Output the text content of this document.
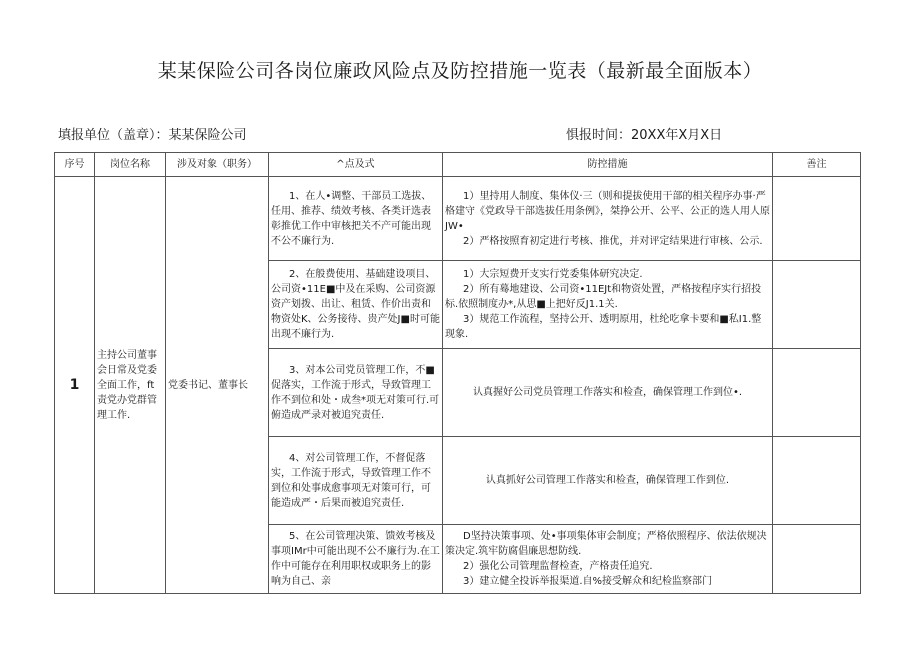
某某保险公司各岗位廉政风险点及防控措施一览表（最新最全面版本）
填报单位（盖章）：某某保险公司	惧报时间：20XX年X月X日
序号	岗位名称	涉及对象（职务）	^点及式	防控措施	善注
1	主持公司董事会日常及党委全面工作，ft责党办党群管理工作.	党委书记、董事长	1、在人•调整、干部员工选拔、任用、推荐、绩效考核、各类讦选表彰推优工作中审核把关不产可能出现不公不廉行为.	1）里持用人制度、集体仪·三（则和提拔使用干部的相关程序办事·严格建守《党政导干部选拔任用条例》，桀挣公开、公平、公正的选人用人原JW•

2）严格按照育初定进行考核、推优，并对评定结果进行审核、公示.	

			2、在般费使用、基础建设项目、公司资•11E■中及在采购、公司资源资产划拨、出让、租赁、作价出责和物资处K、公务接待、贵产处J■时可能出现不廉行为.	1）大宗短费开支实行党委集体研究决定.

2）所有蓦地建设、公司资•11EJt和物资处置，严格按程序实行招投标.依照制度办*,从思■上把好反J1.1关.

3）规范工作流程，坚持公开、透明原用，杜纶吃拿卡要和■私I1.整现象.	

			3、对本公司党员管理工作，不■促落实，工作流于形式，导致管理工作不到位和处・成叁*项无对策可行.可俯造成严录对被追究责任.	认真握好公司党员管理工作落实和检查，确保管理工作到位•.	

			4、对公司管理工作，不督促落实，工作流于形式，导致管理工作不到位和处事成愈事项无对策可行，可能造成严・后果而被追究责任.	认真抓好公司管理工作落实和检查，确保管理工作到位.	

			5、在公司管理决策、馈效考核及事项IMr中可能出现不公不廉行为.在工作中可能存在利用职权或职务上的影响为自己、亲	D坚持决策事项、处•事项集体审会制度；严格依照程序、依法依规决策决定.筑牢防腐倡廉思想防线.

2）强化公司管理监督检查，产格责任追究.

3）建立健全投诉举报渠道.自%接受解众和纪检监察部门	
